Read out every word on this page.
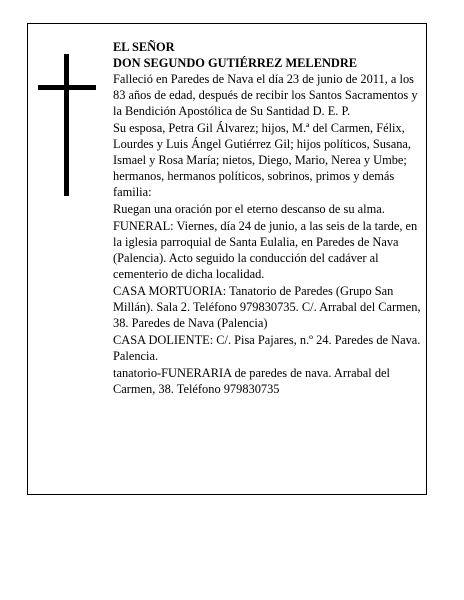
EL SEÑOR

DON SEGUNDO GUTIÉRREZ MELENDRE

Falleció en Paredes de Nava el día 23 de junio de 2011, a los 83 años de edad, después de recibir los Santos Sacramentos y la Bendición Apostólica de Su Santidad D. E. P.

Su esposa, Petra Gil Álvarez; hijos, M.ª del Carmen, Félix, Lourdes y Luis Ángel Gutiérrez Gil; hijos políticos, Susana, Ismael y Rosa María; nietos, Diego, Mario, Nerea y Umbe; hermanos, hermanos políticos, sobrinos, primos y demás familia:

Ruegan una oración por el eterno descanso de su alma.

FUNERAL: Viernes, día 24 de junio, a las seis de la tarde, en la iglesia parroquial de Santa Eulalia, en Paredes de Nava (Palencia). Acto seguido la conducción del cadáver al cementerio de dicha localidad.

CASA MORTUORIA: Tanatorio de Paredes (Grupo San Millán). Sala 2. Teléfono 979830735. C/. Arrabal del Carmen, 38. Paredes de Nava (Palencia)

CASA DOLIENTE: C/. Pisa Pajares, n.º 24. Paredes de Nava. Palencia.

tanatorio-FUNERARIA de paredes de nava. Arrabal del Carmen, 38. Teléfono 979830735
